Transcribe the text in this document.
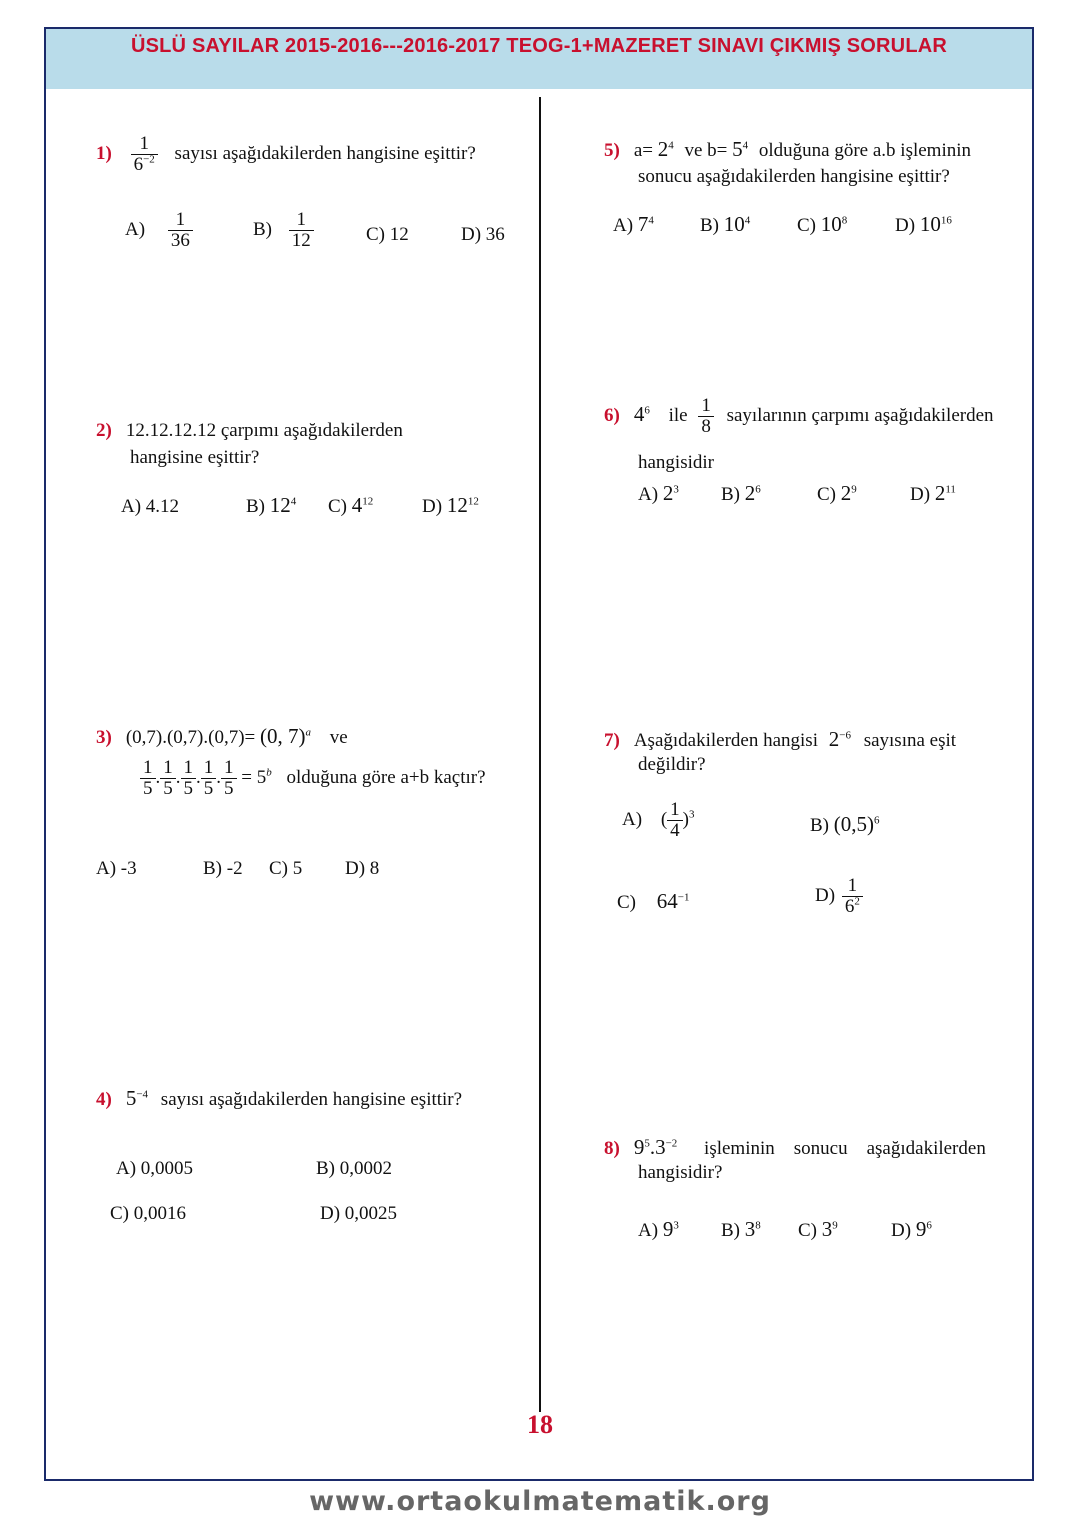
ÜSLÜ SAYILAR 2015-2016---2016-2017 TEOG-1+MAZERET SINAVI ÇIKMIŞ SORULAR
$1) \frac{1}{6^{-2}}$ sayısı aşağıdakilerden hangisine eşittir?
$A) \frac{1}{36}$	$B) \frac{1}{12}$	C) 12	D) 36
2) 12.12.12.12 çarpımı aşağıdakilerden
hangisine eşittir?
A) 4.12	B) $12^4$ C) $4^{12}$	D) $12^{12}$
3) (0,7).(0,7).(0,7)= (0, 7)$^a$ ve
$\frac{1}{5}$ . $\frac{1}{5}$ . $\frac{1}{5}$ . $\frac{1}{5}$ . $\frac{1}{5} = 5^b$ olduğuna göre a+b kaçtır?
A) -3	B) -2 C) 5 D) 8
4) $5^{-4}$ sayısı aşağıdakilerden hangisine eşittir?
A) 0,0005	B) 0,0002
C) 0,0016	D) 0,0025
5) $a= 2^4$ ve $b= 5^4$ olduğuna göre a.b işleminin
sonucu aşağıdakilerden hangisine eşittir?
A) $7^4$ B) $10^4$ C) $10^8$	D) $10^{16}$
6) $4^6$ ile $\frac{1}{8}$ sayılarının çarpımı aşağıdakilerden
hangisidir
A) $2^3$ B) $2^6$	C) $2^9$	D) $2^{11}$
7) Aşağıdakilerden hangisi $2^{-6}$ sayısına eşit
değildir?
A) ( $\frac{1}{4} )^3$
B) $(0,5)^6$
C) $64^{-1}$	$D) \frac{1}{6^2}$
8) $9^5.3^{-2}$ işleminin    sonucu    aşağıdakilerden
hangisidir?
A) $9^3$ B) $3^8$ C) $3^9$	D) $9^6$
18
www.ortaokulmatematik.org
